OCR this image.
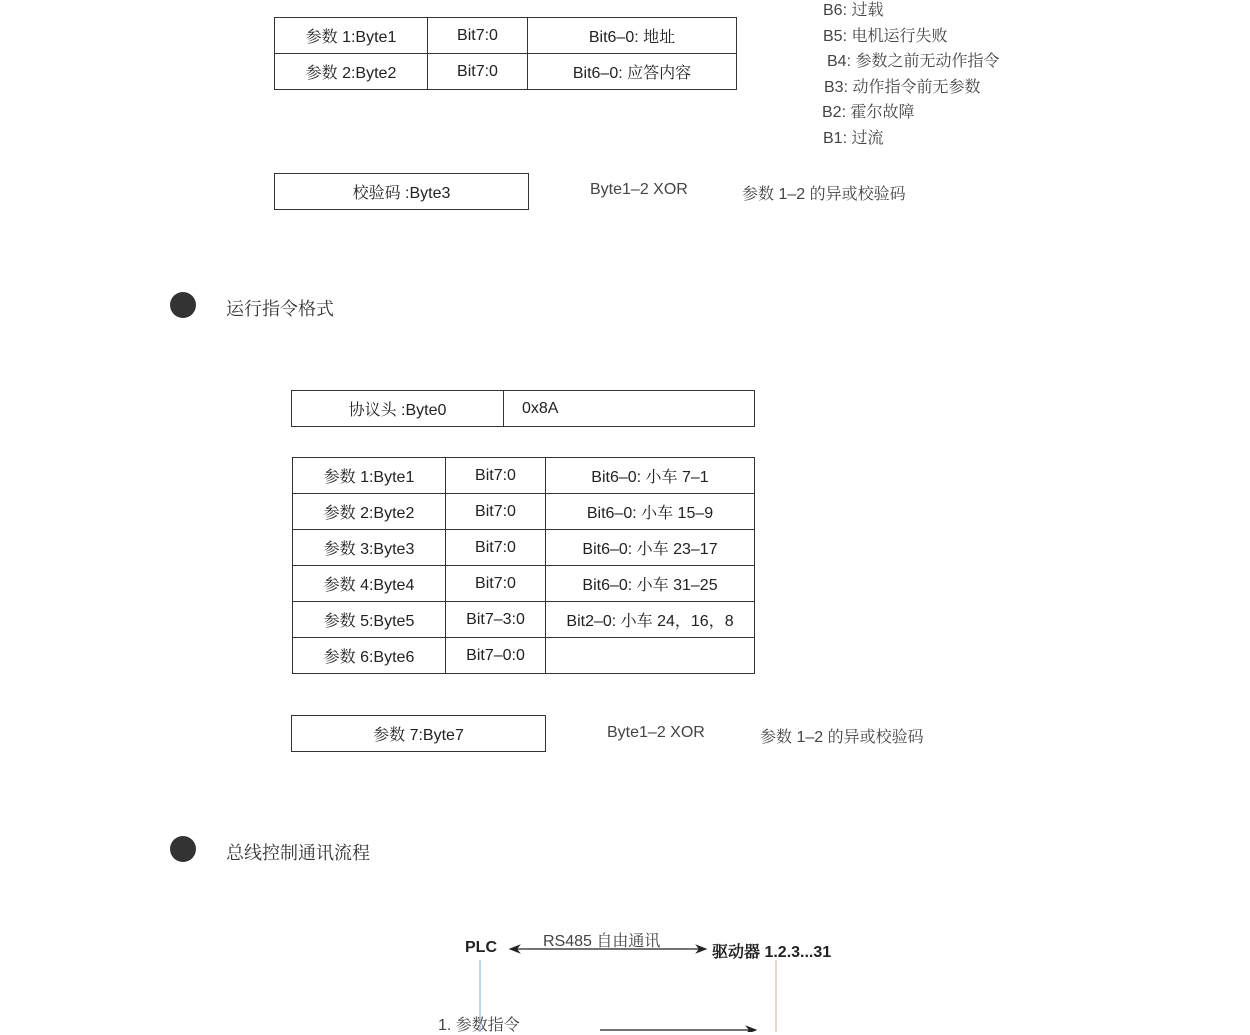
参数 1:Byte1	Bit7:0	Bit6–0: 地址
参数 2:Byte2	Bit7:0	Bit6–0: 应答内容
B6: 过载
B5: 电机运行失败
B4: 参数之前无动作指令
B3: 动作指令前无参数
B2: 霍尔故障
B1: 过流
校验码 :Byte3	Byte1–2 XOR	参数 1–2 的异或校验码
运行指令格式
协议头 :Byte0	0x8A
参数 1:Byte1	Bit7:0	Bit6–0: 小车 7–1
参数 2:Byte2	Bit7:0	Bit6–0: 小车 15–9
参数 3:Byte3	Bit7:0	Bit6–0: 小车 23–17
参数 4:Byte4	Bit7:0	Bit6–0: 小车 31–25
参数 5:Byte5	Bit7–3:0	Bit2–0: 小车 24，16，8
参数 6:Byte6	Bit7–0:0	
参数 7:Byte7	Byte1–2 XOR	参数 1–2 的异或校验码
总线控制通讯流程
PLC	RS485 自由通讯
驱动器 1.2.3...31
1. 参数指令
